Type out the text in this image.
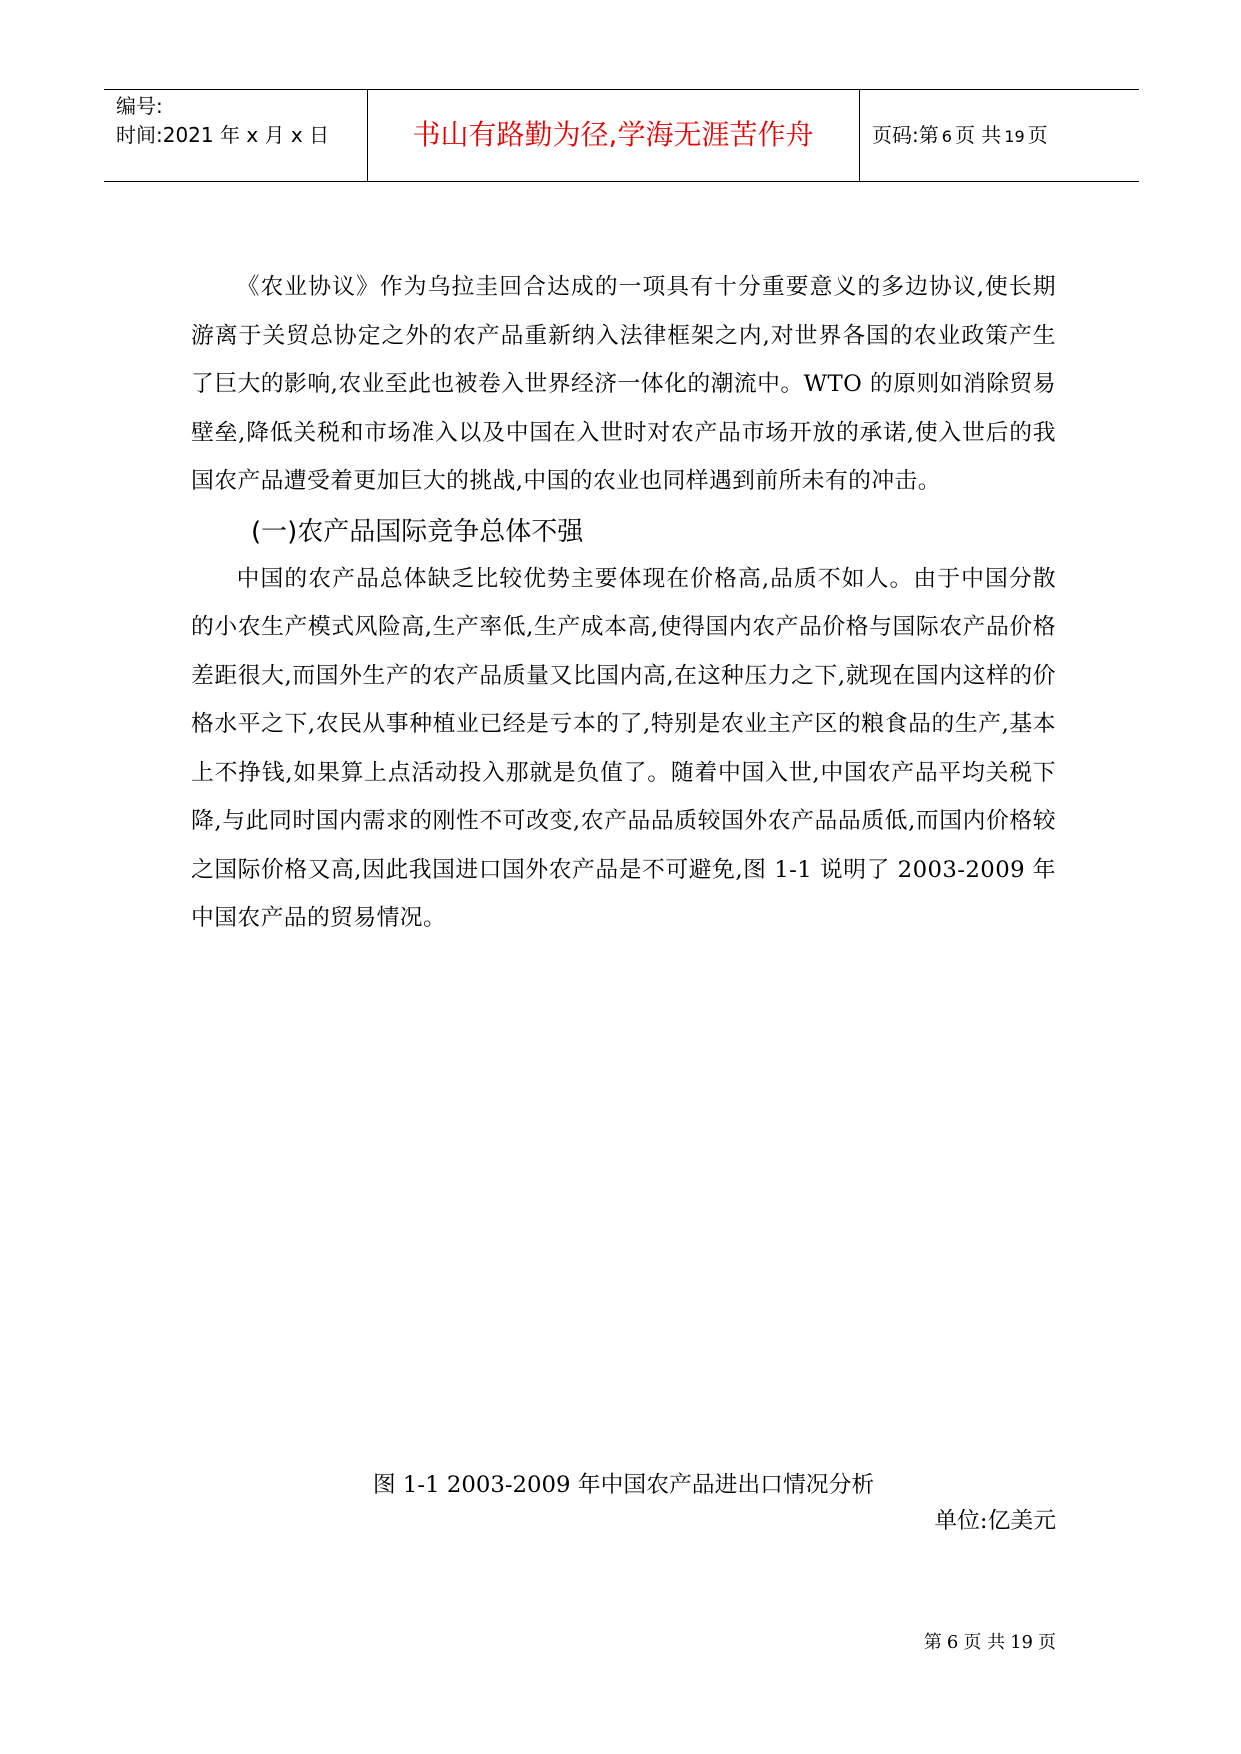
编号:
时间:2021 年 x 月 x 日	书山有路勤为径,学海无涯苦作舟	页码:第 6 页 共 19 页

《农业协议》作为乌拉圭回合达成的一项具有十分重要意义的多边协议,使长期游离于关贸总协定之外的农产品重新纳入法律框架之内,对世界各国的农业政策产生了巨大的影响,农业至此也被卷入世界经济一体化的潮流中。WTO 的原则如消除贸易壁垒,降低关税和市场准入以及中国在入世时对农产品市场开放的承诺,使入世后的我国农产品遭受着更加巨大的挑战,中国的农业也同样遇到前所未有的冲击。

(一)农产品国际竞争总体不强

中国的农产品总体缺乏比较优势主要体现在价格高,品质不如人。由于中国分散的小农生产模式风险高,生产率低,生产成本高,使得国内农产品价格与国际农产品价格差距很大,而国外生产的农产品质量又比国内高,在这种压力之下,就现在国内这样的价格水平之下,农民从事种植业已经是亏本的了,特别是农业主产区的粮食品的生产,基本上不挣钱,如果算上点活动投入那就是负值了。随着中国入世,中国农产品平均关税下降,与此同时国内需求的刚性不可改变,农产品品质较国外农产品品质低,而国内价格较之国际价格又高,因此我国进口国外农产品是不可避免,图 1-1 说明了 2003-2009 年中国农产品的贸易情况。

图 1-1 2003-2009 年中国农产品进出口情况分析
单位:亿美元
第 6 页 共 19 页
